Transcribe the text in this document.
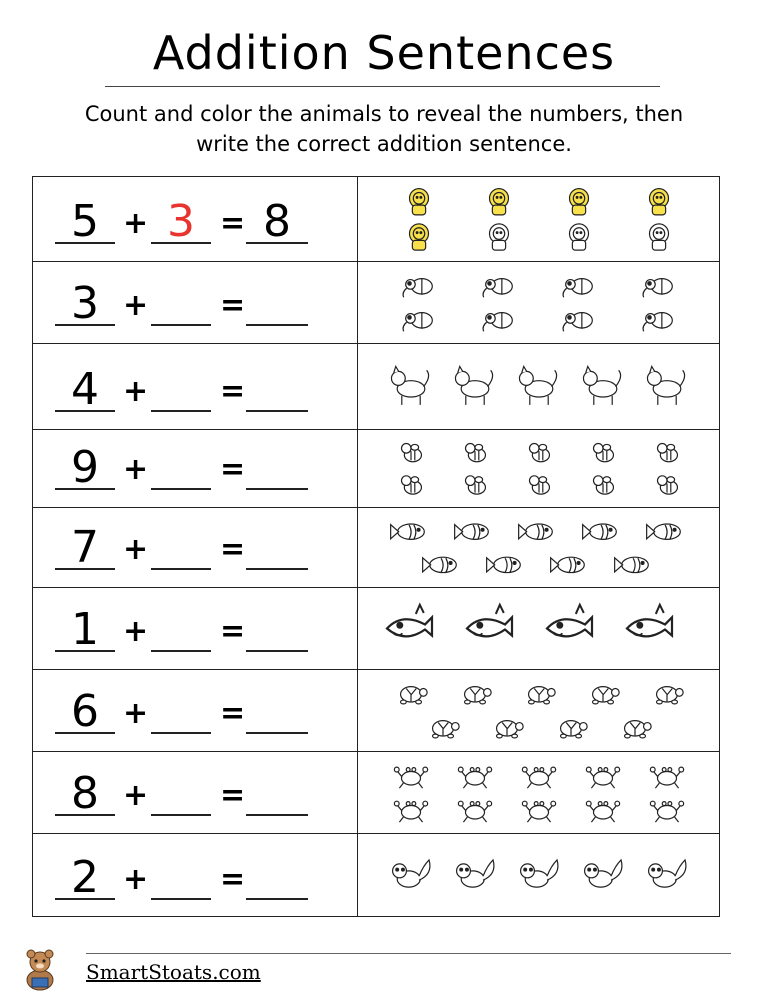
Addition Sentences
Count and color the animals to reveal the numbers, then
write the correct addition sentence.
5 + 3 = 8
3 + =
4 + =
9 + =
7 + =
1 + =
6 + =
8 + =
2 + =
SmartStoats.com
